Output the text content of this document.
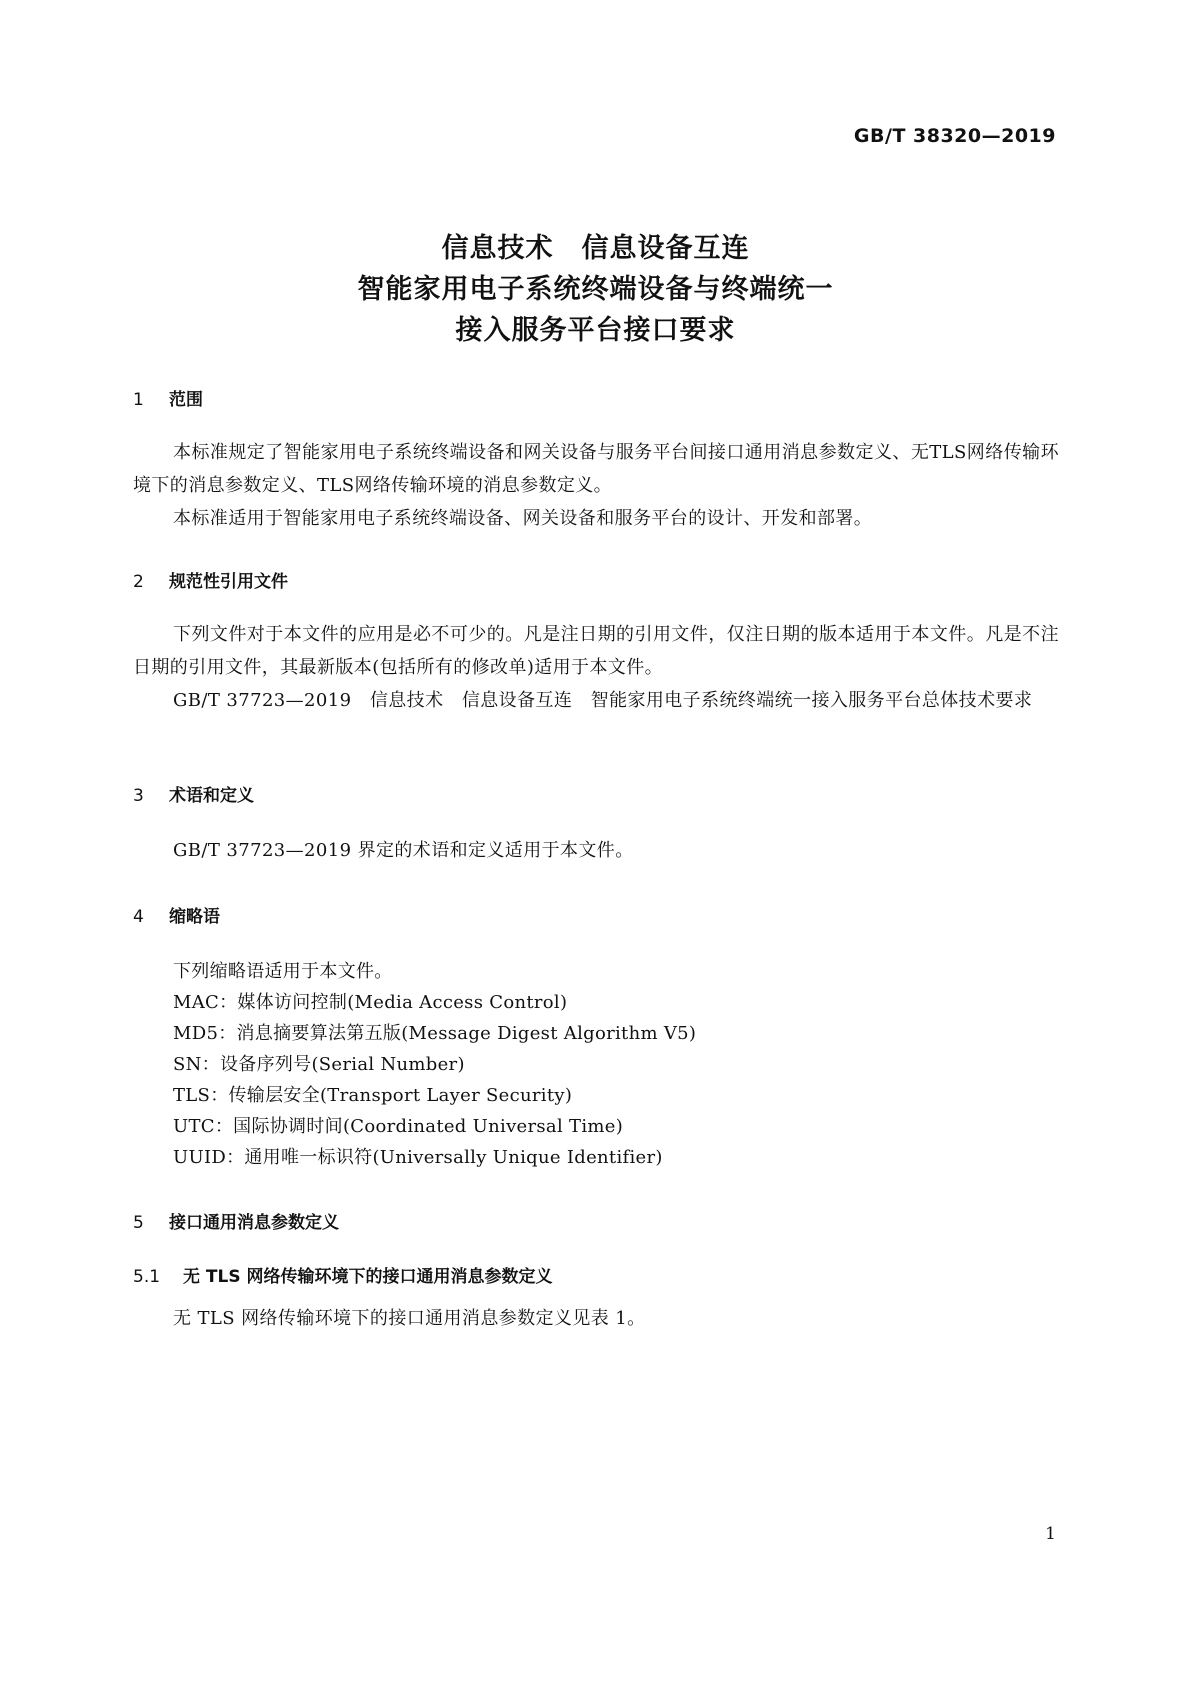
GB/T 38320—2019
信息技术　信息设备互连
智能家用电子系统终端设备与终端统一
接入服务平台接口要求
1 范围
本标准规定了智能家用电子系统终端设备和网关设备与服务平台间接口通用消息参数定义、无TLS网络传输环境下的消息参数定义、TLS网络传输环境的消息参数定义。
本标准适用于智能家用电子系统终端设备、网关设备和服务平台的设计、开发和部署。
2 规范性引用文件
下列文件对于本文件的应用是必不可少的。凡是注日期的引用文件，仅注日期的版本适用于本文件。凡是不注日期的引用文件，其最新版本(包括所有的修改单)适用于本文件。
GB/T 37723—2019　信息技术　信息设备互连　智能家用电子系统终端统一接入服务平台总体技术要求
3 术语和定义
GB/T 37723—2019 界定的术语和定义适用于本文件。
4 缩略语
下列缩略语适用于本文件。
MAC：媒体访问控制(Media Access Control)
MD5：消息摘要算法第五版(Message Digest Algorithm V5)
SN：设备序列号(Serial Number)
TLS：传输层安全(Transport Layer Security)
UTC：国际协调时间(Coordinated Universal Time)
UUID：通用唯一标识符(Universally Unique Identifier)
5 接口通用消息参数定义
5.1 无 TLS 网络传输环境下的接口通用消息参数定义
无 TLS 网络传输环境下的接口通用消息参数定义见表 1。
1
